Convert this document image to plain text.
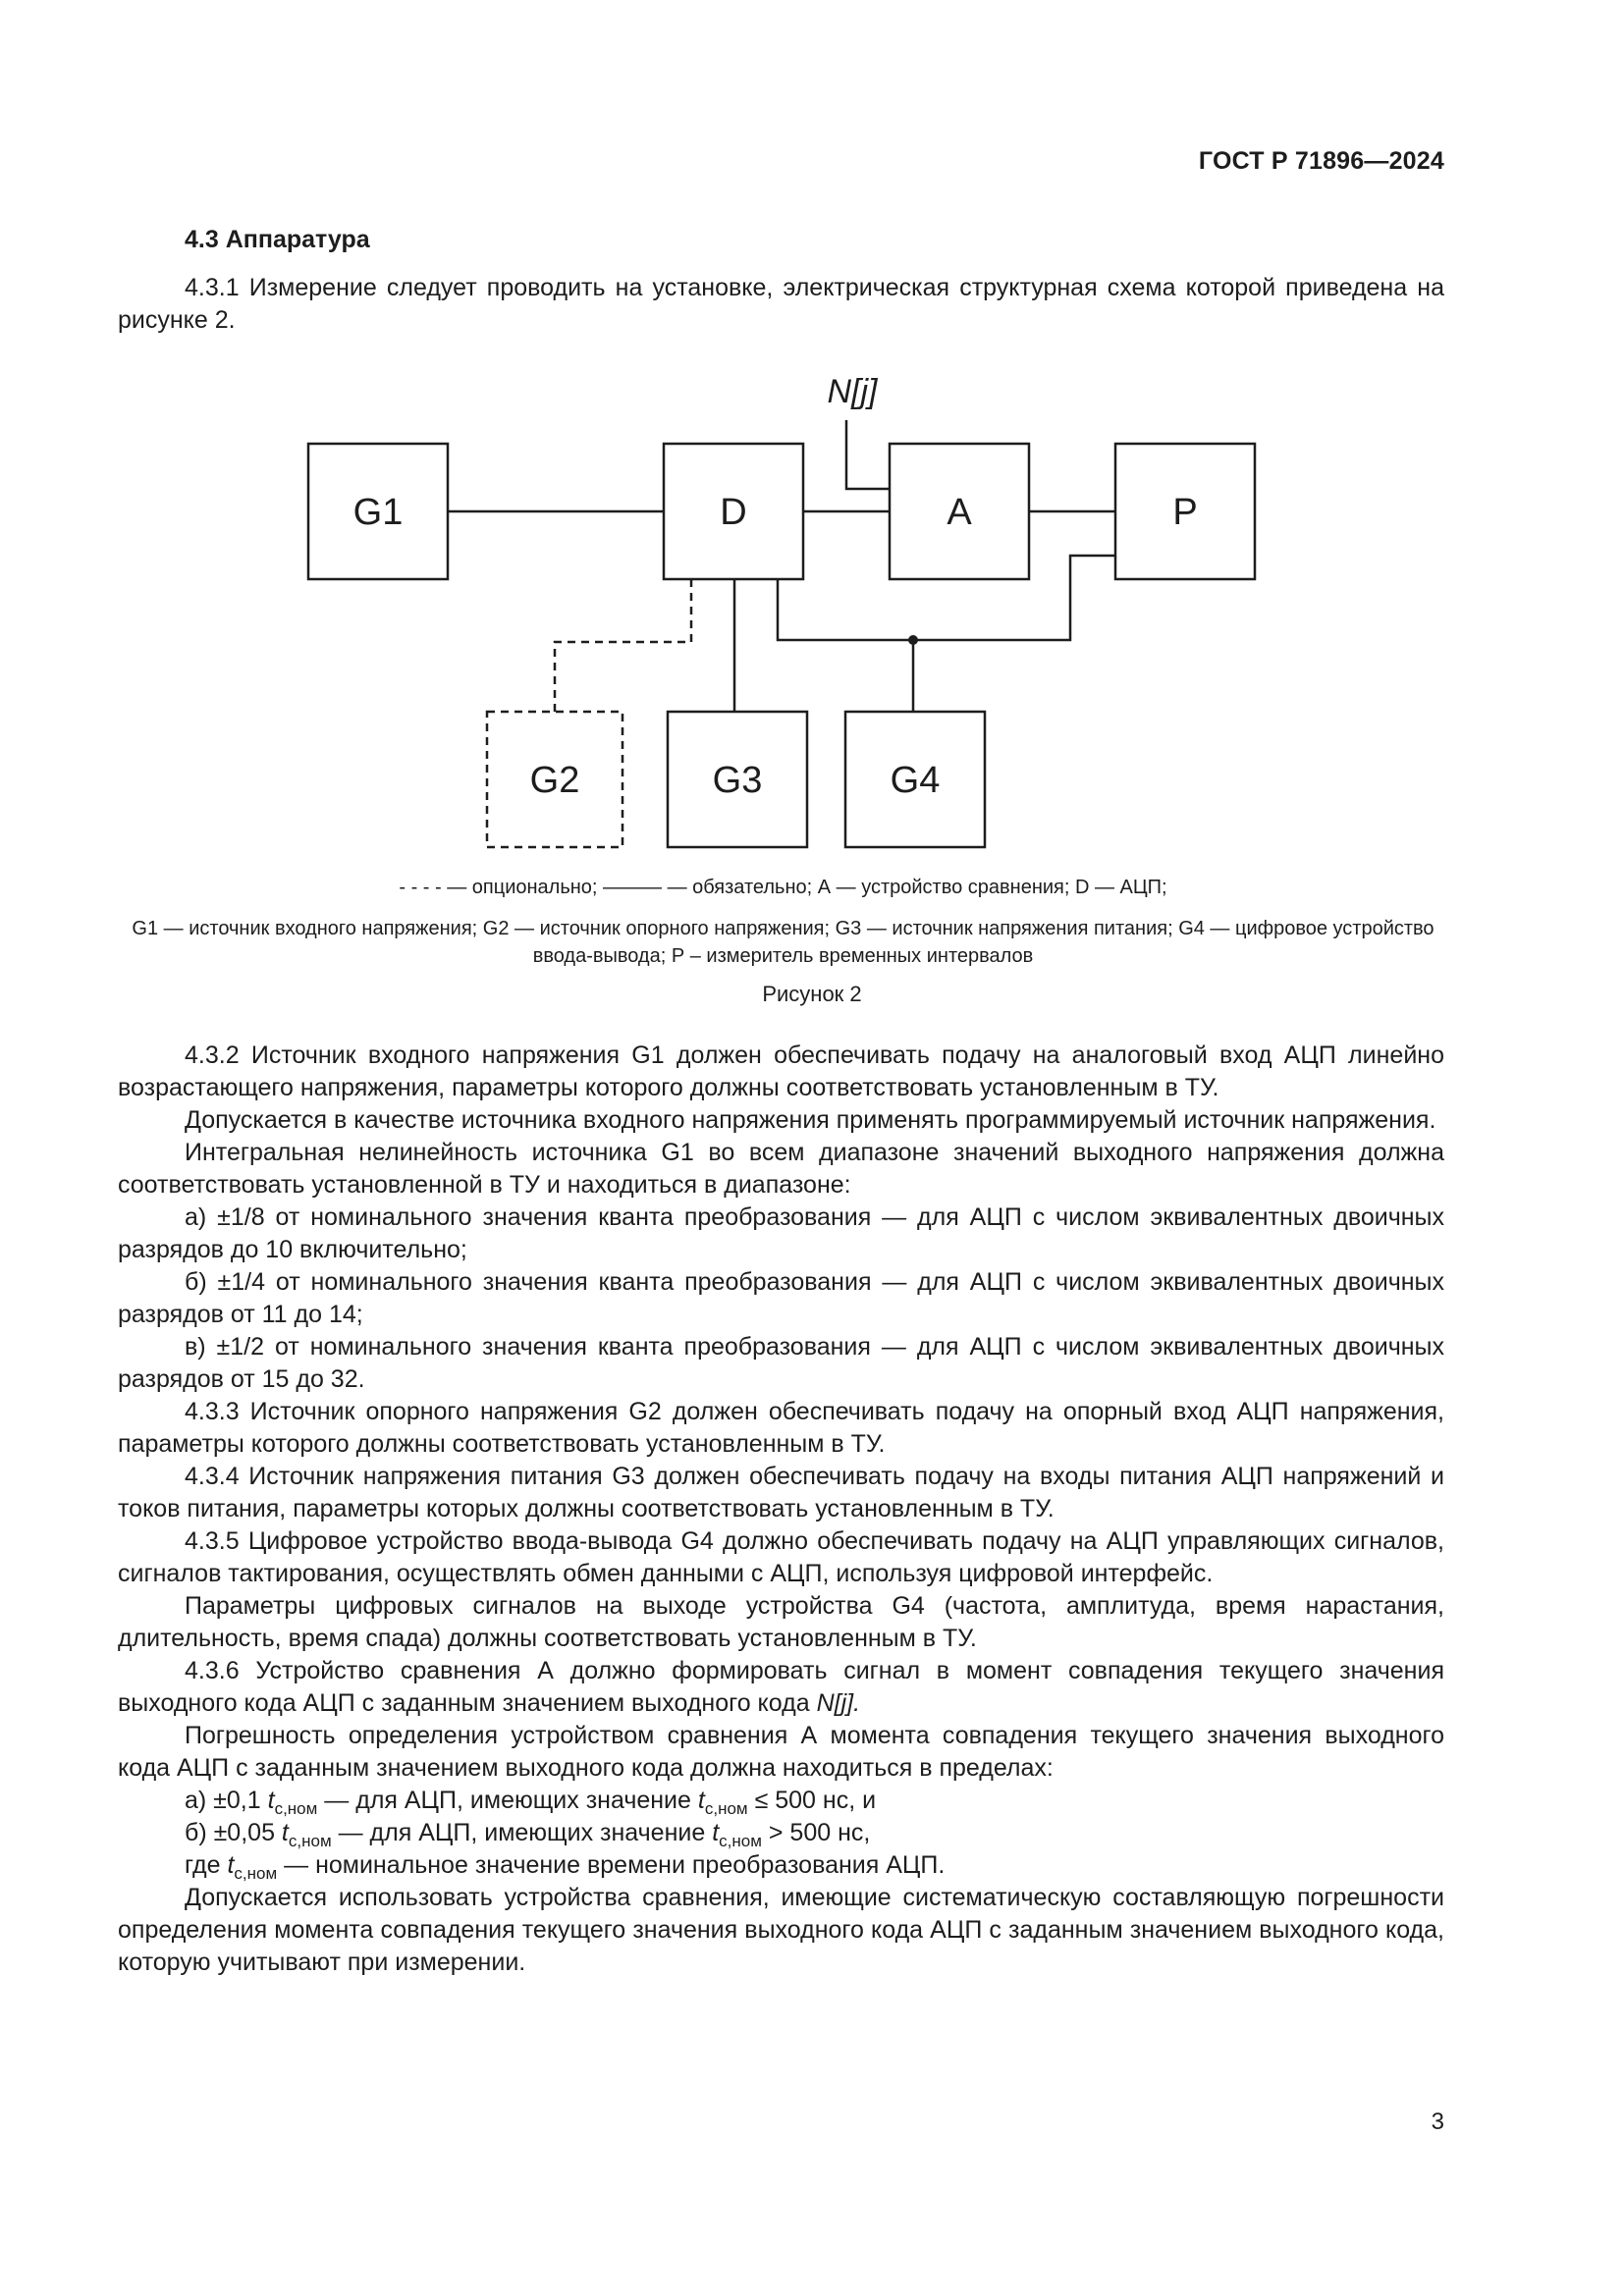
ГОСТ Р 71896—2024
4.3 Аппаратура

4.3.1 Измерение следует проводить на установке, электрическая структурная схема которой приведена на рисунке 2.

G1	D	A	P
G2	G3	G4
N[j]
- - - - — опционально; ——— — обязательно; А — устройство сравнения; D — АЦП;
G1 — источник входного напряжения; G2 — источник опорного напряжения; G3 — источник напряжения питания; G4 — цифровое устройство ввода-вывода; Р – измеритель временных интервалов
Рисунок 2

4.3.2 Источник входного напряжения G1 должен обеспечивать подачу на аналоговый вход АЦП линейно возрастающего напряжения, параметры которого должны соответствовать установленным в ТУ.

Допускается в качестве источника входного напряжения применять программируемый источник напряжения.

Интегральная нелинейность источника G1 во всем диапазоне значений выходного напряжения должна соответствовать установленной в ТУ и находиться в диапазоне:

а) ±1/8 от номинального значения кванта преобразования — для АЦП с числом эквивалентных двоичных разрядов до 10 включительно;

б) ±1/4 от номинального значения кванта преобразования — для АЦП с числом эквивалентных двоичных разрядов от 11 до 14;

в) ±1/2 от номинального значения кванта преобразования — для АЦП с числом эквивалентных двоичных разрядов от 15 до 32.

4.3.3 Источник опорного напряжения G2 должен обеспечивать подачу на опорный вход АЦП напряжения, параметры которого должны соответствовать установленным в ТУ.

4.3.4 Источник напряжения питания G3 должен обеспечивать подачу на входы питания АЦП напряжений и токов питания, параметры которых должны соответствовать установленным в ТУ.

4.3.5 Цифровое устройство ввода-вывода G4 должно обеспечивать подачу на АЦП управляющих сигналов, сигналов тактирования, осуществлять обмен данными с АЦП, используя цифровой интерфейс.

Параметры цифровых сигналов на выходе устройства G4 (частота, амплитуда, время нарастания, длительность, время спада) должны соответствовать установленным в ТУ.

4.3.6 Устройство сравнения А должно формировать сигнал в момент совпадения текущего значения выходного кода АЦП с заданным значением выходного кода N[j].

Погрешность определения устройством сравнения А момента совпадения текущего значения выходного кода АЦП с заданным значением выходного кода должна находиться в пределах:

а) ±0,1 $t_{с,ном}$ — для АЦП, имеющих значение $t_{с,ном} \le 500$ нс, и

б) ±0,05 $t_{с,ном}$ — для АЦП, имеющих значение $t_{с,ном} > 500$ нс,

где $t_{с,ном}$ — номинальное значение времени преобразования АЦП.

Допускается использовать устройства сравнения, имеющие систематическую составляющую погрешности определения момента совпадения текущего значения выходного кода АЦП с заданным значением выходного кода, которую учитывают при измерении.

3
